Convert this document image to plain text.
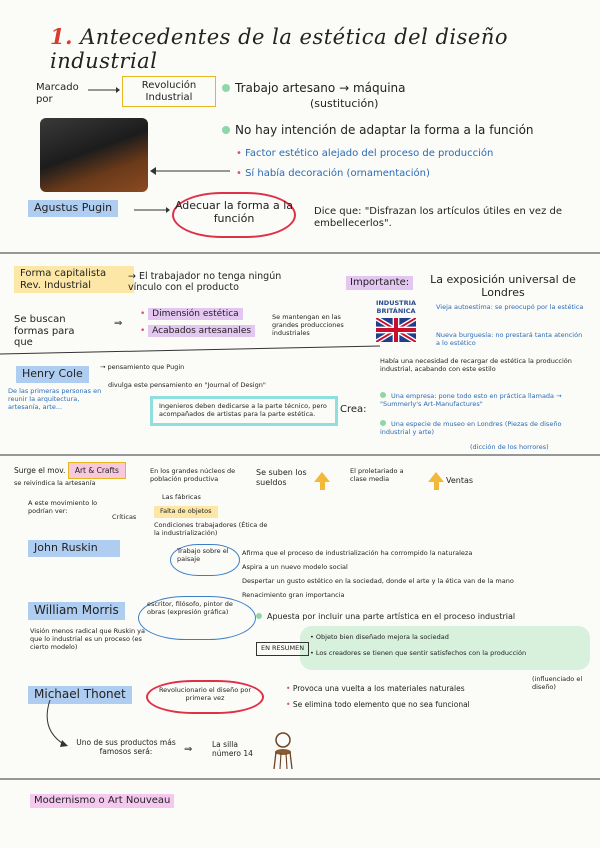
1. Antecedentes de la estética del diseño industrial
Marcado por
Revolución Industrial
Trabajo artesano → máquina
(sustitución)
No hay intención de adaptar la forma a la función
• Factor estético alejado del proceso de producción
• Sí había decoración (ornamentación)
Agustus Pugin	Adecuar la forma a la función
Dice que: "Disfrazan los artículos útiles en vez de embellecerlos".
Forma capitalista Rev. Industrial
→ El trabajador no tenga ningún vínculo con el producto
Se buscan formas para que
⇒
• Dimensión estética
• Acabados artesanales
Se mantengan en las grandes producciones industriales
Importante:	La exposición universal de Londres
INDUSTRIA BRITÁNICA	Vieja autoestima: se preocupó por la estética
Nueva burguesía: no prestará tanta atención a lo estético
Había una necesidad de recargar de estética la producción industrial, acabando con este estilo
Henry Cole	→ pensamiento que Pugin
divulga este pensamiento en "Journal of Design"
De las primeras personas en reunir la arquitectura, artesanía, arte...	Ingenieros deben dedicarse a la parte técnico, pero acompañados de artistas para la parte estética.	Crea:
Una empresa: pone todo esto en práctica llamada → "Summerly's Art-Manufactures"
Una especie de museo en Londres (Piezas de diseño industrial y arte)
(dicción de los horrores)
Surge el mov. Art & Crafts
se reivindica la artesanía
En los grandes núcleos de población productiva
Se suben los sueldos
El proletariado a clase media	Ventas
A este movimiento lo podrían ver:
Críticas
Las fábricas
Falta de objetos
Condiciones trabajadores (Ética de la industrialización)
John Ruskin	Trabajo sobre el paisaje
Afirma que el proceso de industrialización ha corrompido la naturaleza
Aspira a un nuevo modelo social
Despertar un gusto estético en la sociedad, donde el arte y la ética van de la mano
Renacimiento gran importancia
William Morris	escritor, filósofo, pintor de obras (expresión gráfica)
Visión menos radical que Ruskin ya que lo industrial es un proceso (es cierto modelo)
Apuesta por incluir una parte artística en el proceso industrial
EN RESUMEN
• Objeto bien diseñado mejora la sociedad
• Los creadores se tienen que sentir satisfechos con la producción
Michael Thonet	Revolucionario el diseño por primera vez
• Provoca una vuelta a los materiales naturales
(influenciado el diseño)
• Se elimina todo elemento que no sea funcional
Uno de sus productos más famosos será:	⇒	La silla número 14
Modernismo o Art Nouveau
